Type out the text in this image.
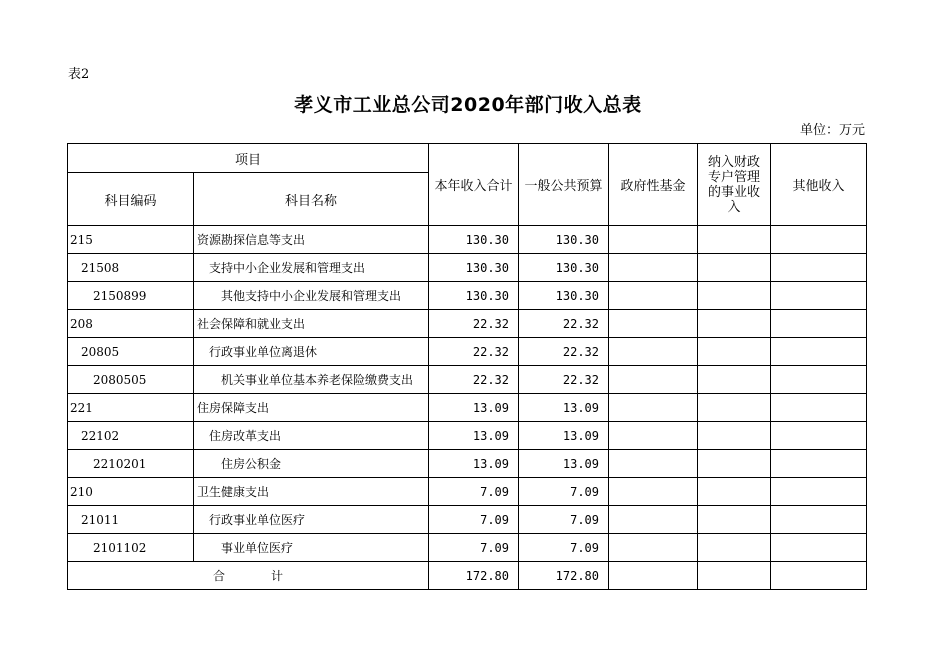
表2
孝义市工业总公司2020年部门收入总表
单位：万元
项目		本年收入合计	一般公共预算	政府性基金	纳入财政专户管理的事业收入	其他收入
科目编码	科目名称					
215	资源勘探信息等支出	130.30	130.30			
21508	支持中小企业发展和管理支出	130.30	130.30			
2150899	其他支持中小企业发展和管理支出	130.30	130.30			
208	社会保障和就业支出	22.32	22.32			
20805	行政事业单位离退休	22.32	22.32			
2080505	机关事业单位基本养老保险缴费支出	22.32	22.32			
221	住房保障支出	13.09	13.09			
22102	住房改革支出	13.09	13.09			
2210201	住房公积金	13.09	13.09			
210	卫生健康支出	7.09	7.09			
21011	行政事业单位医疗	7.09	7.09			
2101102	事业单位医疗	7.09	7.09			
合 计		172.80	172.80			
